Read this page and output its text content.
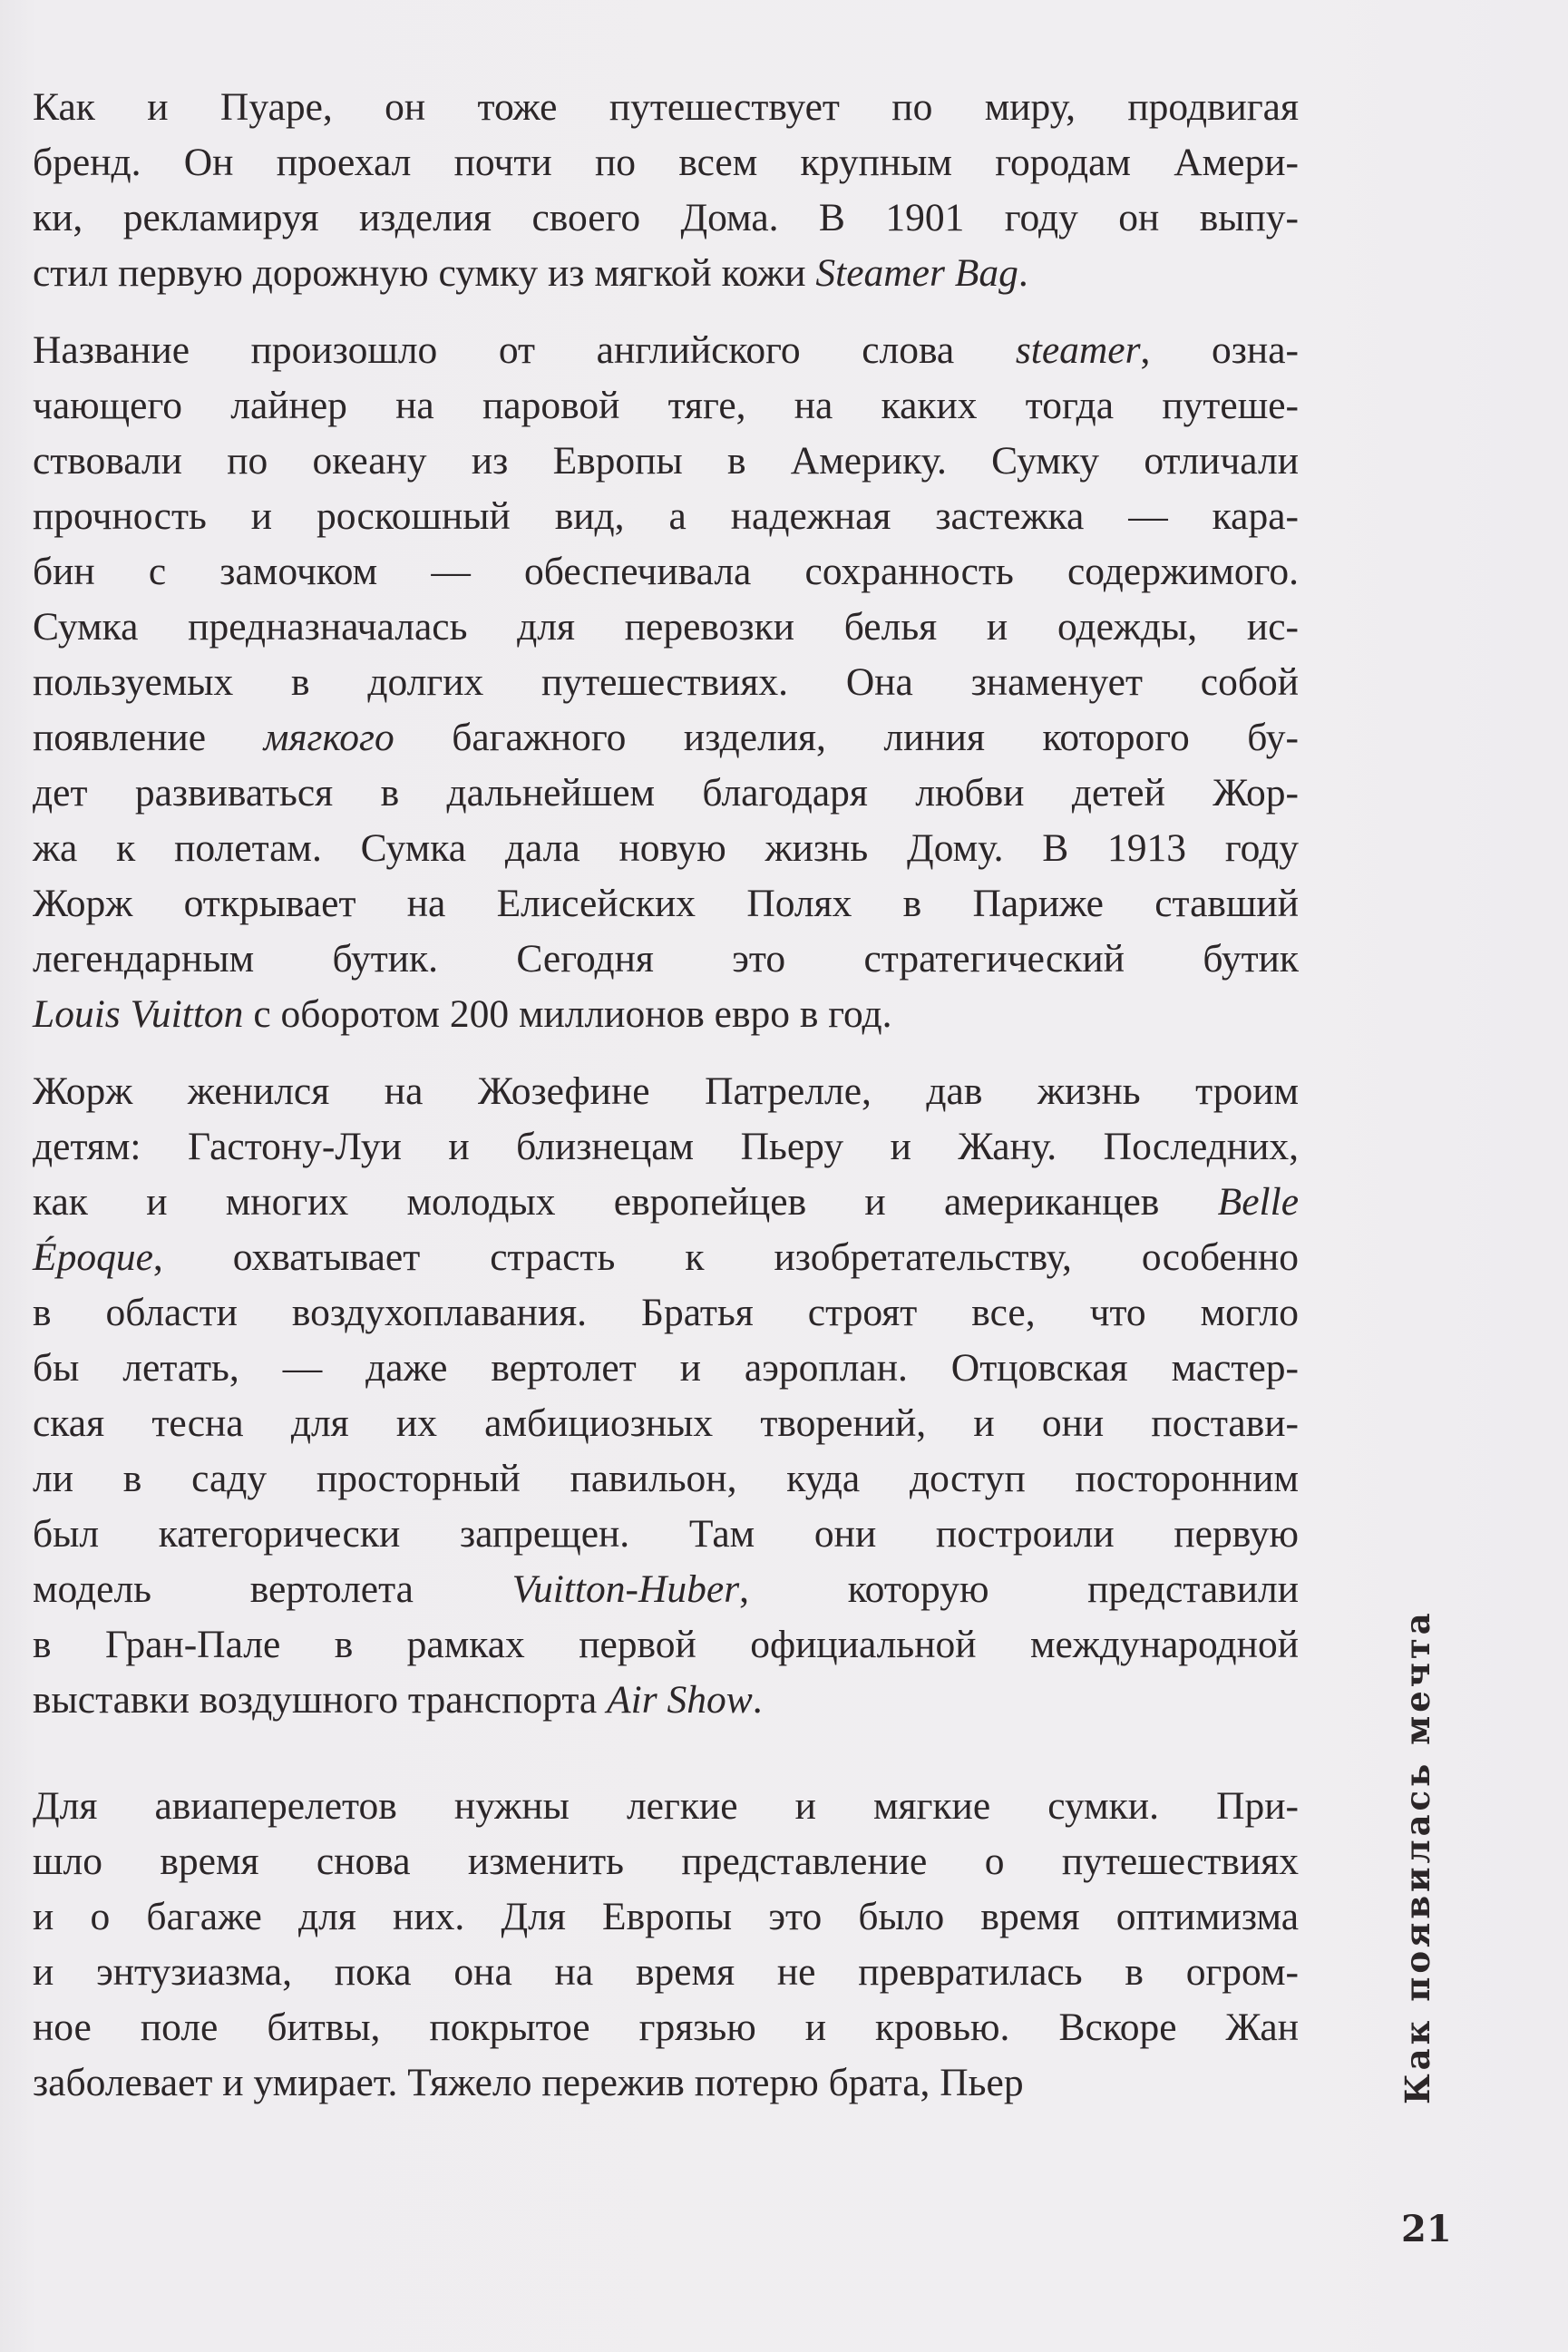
Как и Пуаре, он тоже путешествует по миру, продвигая
бренд. Он проехал почти по всем крупным городам Амери-
ки, рекламируя изделия своего Дома. В 1901 году он выпу-
стил первую дорожную сумку из мягкой кожи Steamer Bag.

Название произошло от английского слова steamer, озна-
чающего лайнер на паровой тяге, на каких тогда путеше-
ствовали по океану из Европы в Америку. Сумку отличали
прочность и роскошный вид, а надежная застежка — кара-
бин с замочком — обеспечивала сохранность содержимого.
Сумка предназначалась для перевозки белья и одежды, ис-
пользуемых в долгих путешествиях. Она знаменует собой
появление мягкого багажного изделия, линия которого бу-
дет развиваться в дальнейшем благодаря любви детей Жор-
жа к полетам. Сумка дала новую жизнь Дому. В 1913 году
Жорж открывает на Елисейских Полях в Париже ставший
легендарным бутик. Сегодня это стратегический бутик
Louis Vuitton с оборотом 200 миллионов евро в год.

Жорж женился на Жозефине Патрелле, дав жизнь троим
детям: Гастону-Луи и близнецам Пьеру и Жану. Последних,
как и многих молодых европейцев и американцев Belle
Époque, охватывает страсть к изобретательству, особенно
в области воздухоплавания. Братья строят все, что могло
бы летать, — даже вертолет и аэроплан. Отцовская мастер-
ская тесна для их амбициозных творений, и они постави-
ли в саду просторный павильон, куда доступ посторонним
был категорически запрещен. Там они построили первую
модель вертолета Vuitton-Huber, которую представили
в Гран-Пале в рамках первой официальной международной
выставки воздушного транспорта Air Show.

Для авиаперелетов нужны легкие и мягкие сумки. При-
шло время снова изменить представление о путешествиях
и о багаже для них. Для Европы это было время оптимизма
и энтузиазма, пока она на время не превратилась в огром-
ное поле битвы, покрытое грязью и кровью. Вскоре Жан
заболевает и умирает. Тяжело пережив потерю брата, Пьер	Как появилась мечта
21
